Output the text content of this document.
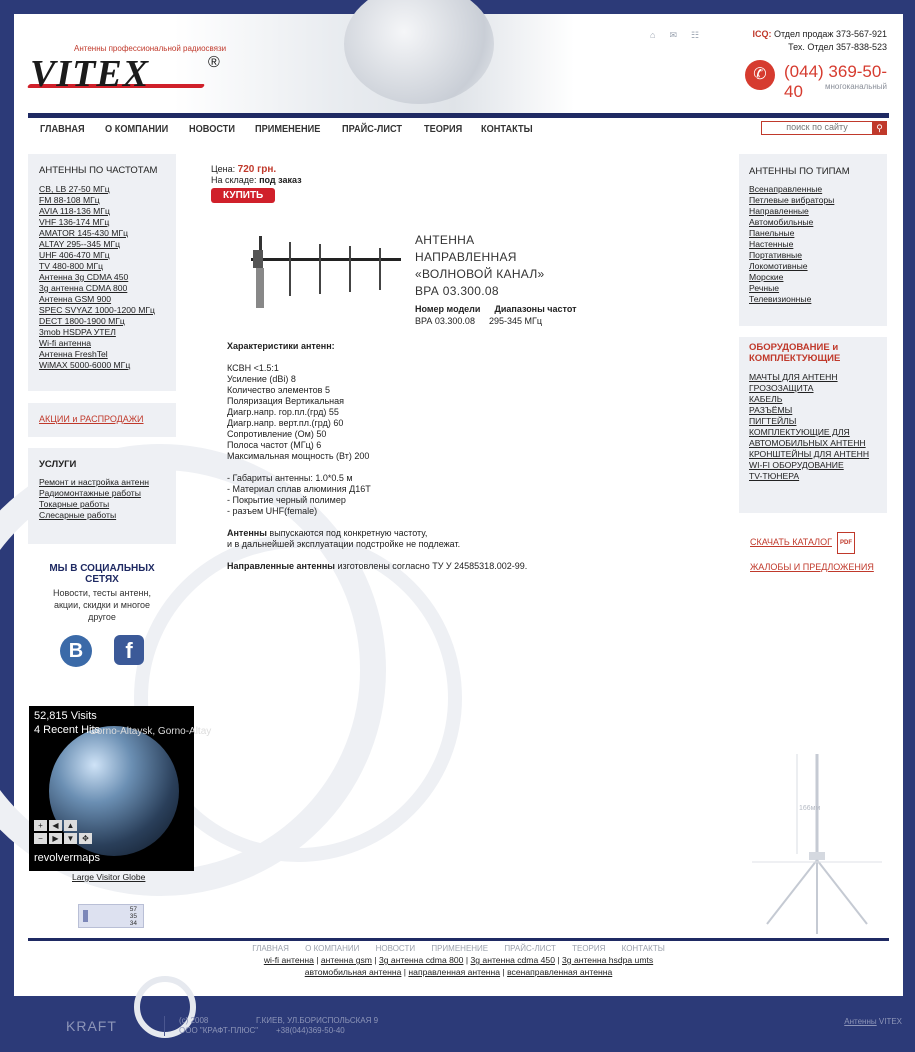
Антенны профессиональной радиосвязи
VITEX	®
⌂ ✉ ☷	ICQ: Отдел продаж 373-567-921
Тех. Отдел 357-838-523
✆	(044) 369-50-40	многоканальный
ГЛАВНАЯ О КОМПАНИИ НОВОСТИ ПРИМЕНЕНИЕ ПРАЙС-ЛИСТ ТЕОРИЯ КОНТАКТЫ
поиск по сайту	⚲
АНТЕННЫ ПО ЧАСТОТАМ
CB, LB 27-50 МГц
FM 88-108 МГц
AVIA 118-136 МГц
VHF 136-174 МГц
AMATOR 145-430 МГц
ALTAY 295--345 МГц
UHF 406-470 МГц
TV 480-800 МГц
Антенна 3g CDMA 450
3g антенна CDMA 800
Антенна GSM 900
SPEC SVYAZ 1000-1200 МГц
DECT 1800-1900 МГц
3mob HSDPA УТЕЛ
Wi-fi антенна
Антенна FreshTel
WiMAX 5000-6000 МГц
АКЦИИ и РАСПРОДАЖИ
УСЛУГИ
Ремонт и настройка антенн
Радиомонтажные работы
Токарные работы
Слесарные работы
МЫ В СОЦИАЛЬНЫХ СЕТЯХ
Новости, тесты антенн, акции, скидки и многое другое
В	f
52,815 Visits
4 Recent Hits
Gorno-Altaysk, Gorno-Altay
+	◀ ▲
−	▶ ▼ ✥
revolvermaps
Large Visitor Globe
57
35
34
Цена: 720 грн.
На складе: под заказ
КУПИТЬ
АНТЕННА
НАПРАВЛЕННАЯ
«ВОЛНОВОЙ КАНАЛ»
ВРА 03.300.08
Номер модели Диапазоны частот
ВРА 03.300.08 295-345 МГц

Характеристики антенн:

КСВН <1.5:1

Усиление (dBi) 8

Количество элементов 5

Поляризация Вертикальная

Диагр.напр. гор.пл.(грд) 55

Диагр.напр. верт.пл.(грд) 60

Сопротивление (Ом) 50

Полоса частот (МГц) 6

Максимальная мощность (Вт) 200

- Габариты антенны: 1.0*0.5 м

- Материал сплав алюминия Д16Т

- Покрытие черный полимер

- разъем UHF(female)

Антенны выпускаются под конкретную частоту,

и в дальнейшей эксплуатации подстройке не подлежат.

Направленные антенны изготовлены согласно ТУ У 24585318.002-99.

АНТЕННЫ ПО ТИПАМ
Всенаправленные
Петлевые вибраторы
Направленные
Автомобильные
Панельные
Настенные
Портативные
Локомотивные
Морские
Речные
Телевизионные
ОБОРУДОВАНИЕ и КОМПЛЕКТУЮЩИЕ
МАЧТЫ ДЛЯ АНТЕНН
ГРОЗОЗАЩИТА
КАБЕЛЬ
РАЗЪЁМЫ
ПИГТЕЙЛЫ
КОМПЛЕКТУЮЩИЕ ДЛЯ АВТОМОБИЛЬНЫХ АНТЕНН
КРОНШТЕЙНЫ ДЛЯ АНТЕНН
WI-FI ОБОРУДОВАНИЕ
TV-ТЮНЕРА
СКАЧАТЬ КАТАЛОГ	PDF
ЖАЛОБЫ И ПРЕДЛОЖЕНИЯ
166мм
ГЛАВНАЯ О КОМПАНИИ НОВОСТИ ПРИМЕНЕНИЕ ПРАЙС-ЛИСТ ТЕОРИЯ КОНТАКТЫ
wi-fi антенна | антенна gsm | 3g антенна cdma 800 | 3g антенна cdma 450 | 3g антенна hsdpa umts
автомобильная антенна | направленная антенна | всенаправленная антенна
KRAFT	(c) 2008
ООО "КРАФТ-ПЛЮС"
Г.КИЕВ, УЛ.БОРИСПОЛЬСКАЯ 9
+38(044)369-50-40
Антенны VITEX
